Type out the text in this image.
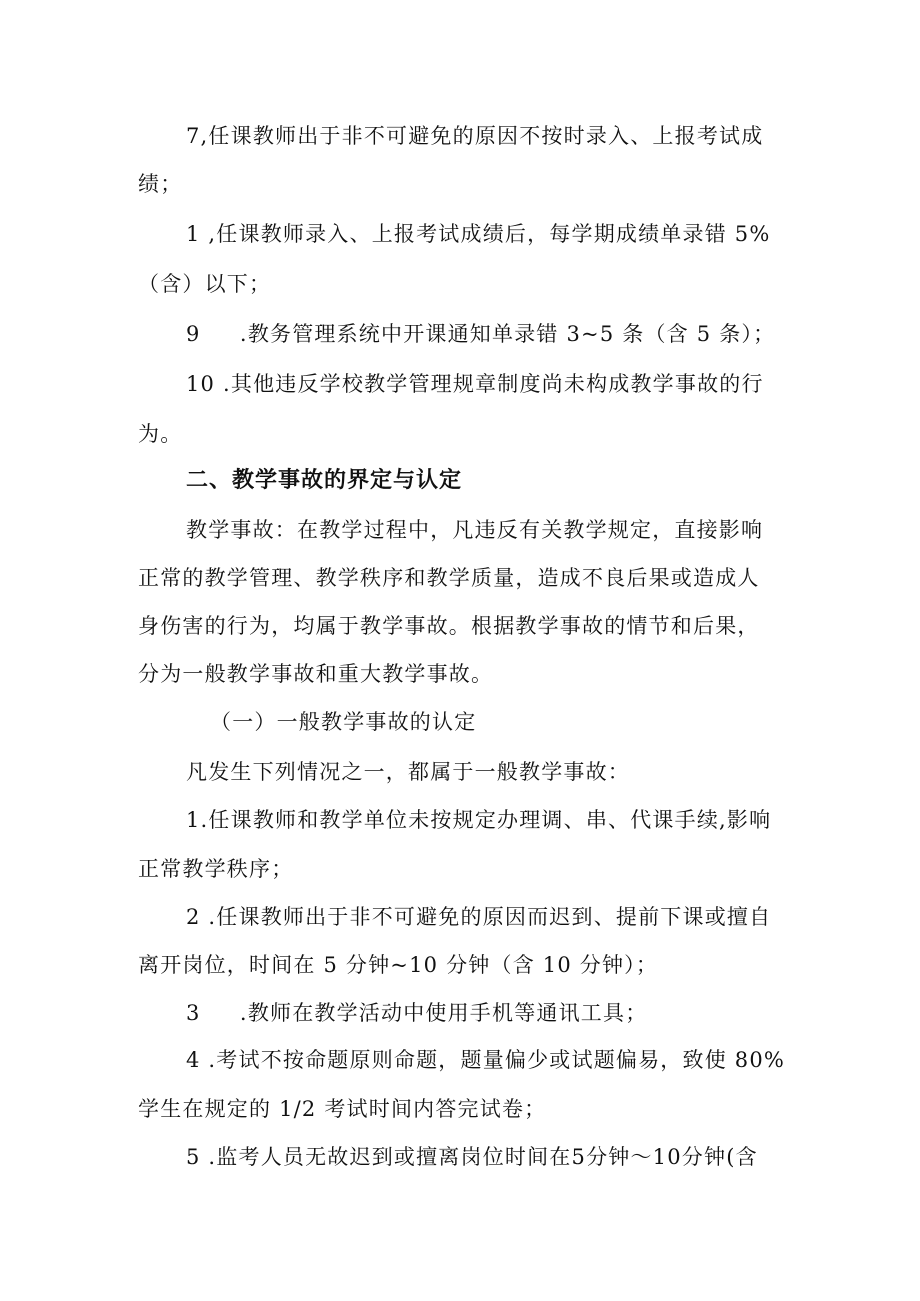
7,任课教师出于非不可避免的原因不按时录入、上报考试成
绩；
1 ,任课教师录入、上报考试成绩后，每学期成绩单录错 5%
（含）以下；
9     .教务管理系统中开课通知单录错 3~5 条（含 5 条）；
10 .其他违反学校教学管理规章制度尚未构成教学事故的行
为。
二、教学事故的界定与认定
教学事故：在教学过程中，凡违反有关教学规定，直接影响
正常的教学管理、教学秩序和教学质量，造成不良后果或造成人
身伤害的行为，均属于教学事故。根据教学事故的情节和后果，
分为一般教学事故和重大教学事故。
（一）一般教学事故的认定
凡发生下列情况之一，都属于一般教学事故：
1.任课教师和教学单位未按规定办理调、串、代课手续,影响
正常教学秩序；
2 .任课教师出于非不可避免的原因而迟到、提前下课或擅自
离开岗位，时间在 5 分钟~10 分钟（含 10 分钟）；
3     .教师在教学活动中使用手机等通讯工具；
4 .考试不按命题原则命题，题量偏少或试题偏易，致使 80%
学生在规定的 1/2 考试时间内答完试卷；
5 .监考人员无故迟到或擅离岗位时间在5分钟～10分钟(含
